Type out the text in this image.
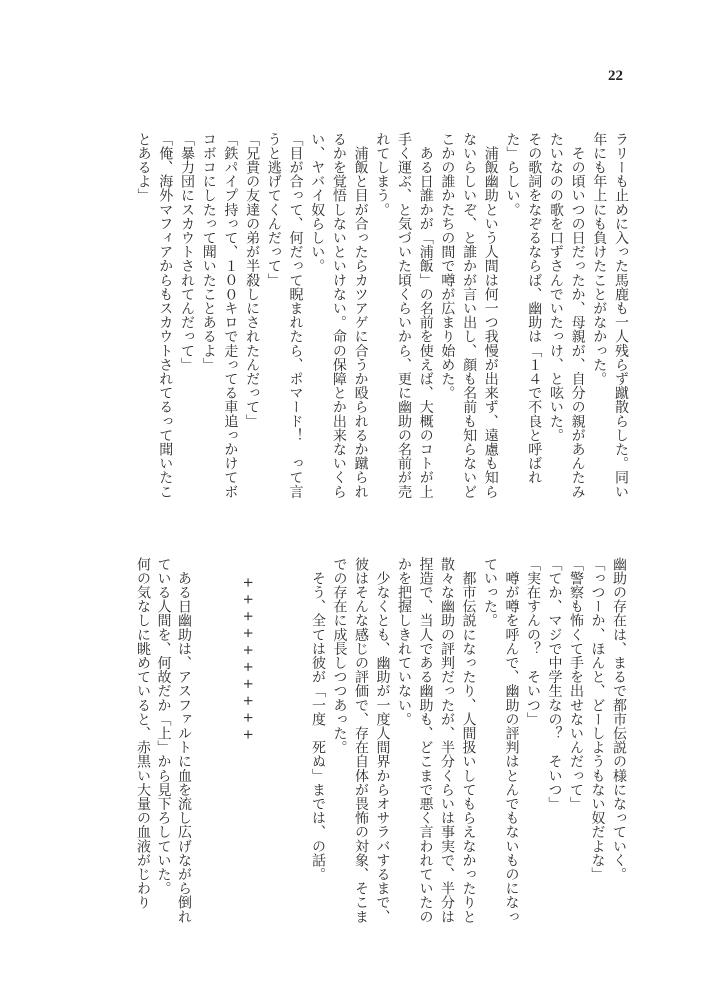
22
ラリーも止めに入った馬鹿も一人残らず蹴散らした。同い
年にも年上にも負けたことがなかった。
　その頃いつの日だったか、母親が、自分の親があんたみ
たいなのの歌を口ずさんでいたっけ、と呟いた。
その歌詞をなぞるならば、幽助は「１４で不良と呼ばれ
た」らしい。
　浦飯幽助という人間は何一つ我慢が出来ず、遠慮も知ら
ないらしいぞ、と誰かが言い出し、顔も名前も知らないど
こかの誰かたちの間で噂が広まり始めた。
　ある日誰かが「浦飯」の名前を使えば、大概のコトが上
手く運ぶ、と気づいた頃くらいから、更に幽助の名前が売
れてしまう。
　浦飯と目が合ったらカツアゲに合うか殴られるか蹴られ
るかを覚悟しないといけない。命の保障とか出来ないくら
い、ヤバイ奴らしい。
「目が合って、何だって睨まれたら、ポマード！　って言
うと逃げてくんだって」
「兄貴の友達の弟が半殺しにされたんだって」
「鉄パイプ持って、１００キロで走ってる車追っかけてボ
コボコにしたって聞いたことあるよ」
「暴力団にスカウトされてんだって」
「俺、海外マフィアからもスカウトされてるって聞いたこ
とあるよ」
幽助の存在は、まるで都市伝説の様になっていく。
「っつーか、ほんと、どーしようもない奴だよな」
「警察も怖くて手を出せないんだって」
「てか、マジで中学生なの？　そいつ」
「実在すんの？　そいつ」
　噂が噂を呼んで、幽助の評判はとんでもないものになっ
ていった。
　都市伝説になったり、人間扱いしてもらえなかったりと
散々な幽助の評判だったが、半分くらいは事実で、半分は
捏造で、当人である幽助も、どこまで悪く言われていたの
かを把握しきれていない。
　少なくとも、幽助が一度人間界からオサラバするまで、
彼はそんな感じの評価で、存在自体が畏怖の対象、そこま
での存在に成長しつつあった。
　そう、全ては彼が「一度　死ぬ」までは、の話。
++++++++++
　ある日幽助は、アスファルトに血を流し広げながら倒れ
ている人間を、何故だか「上」から見下ろしていた。
何の気なしに眺めていると、赤黒い大量の血液がじわり
